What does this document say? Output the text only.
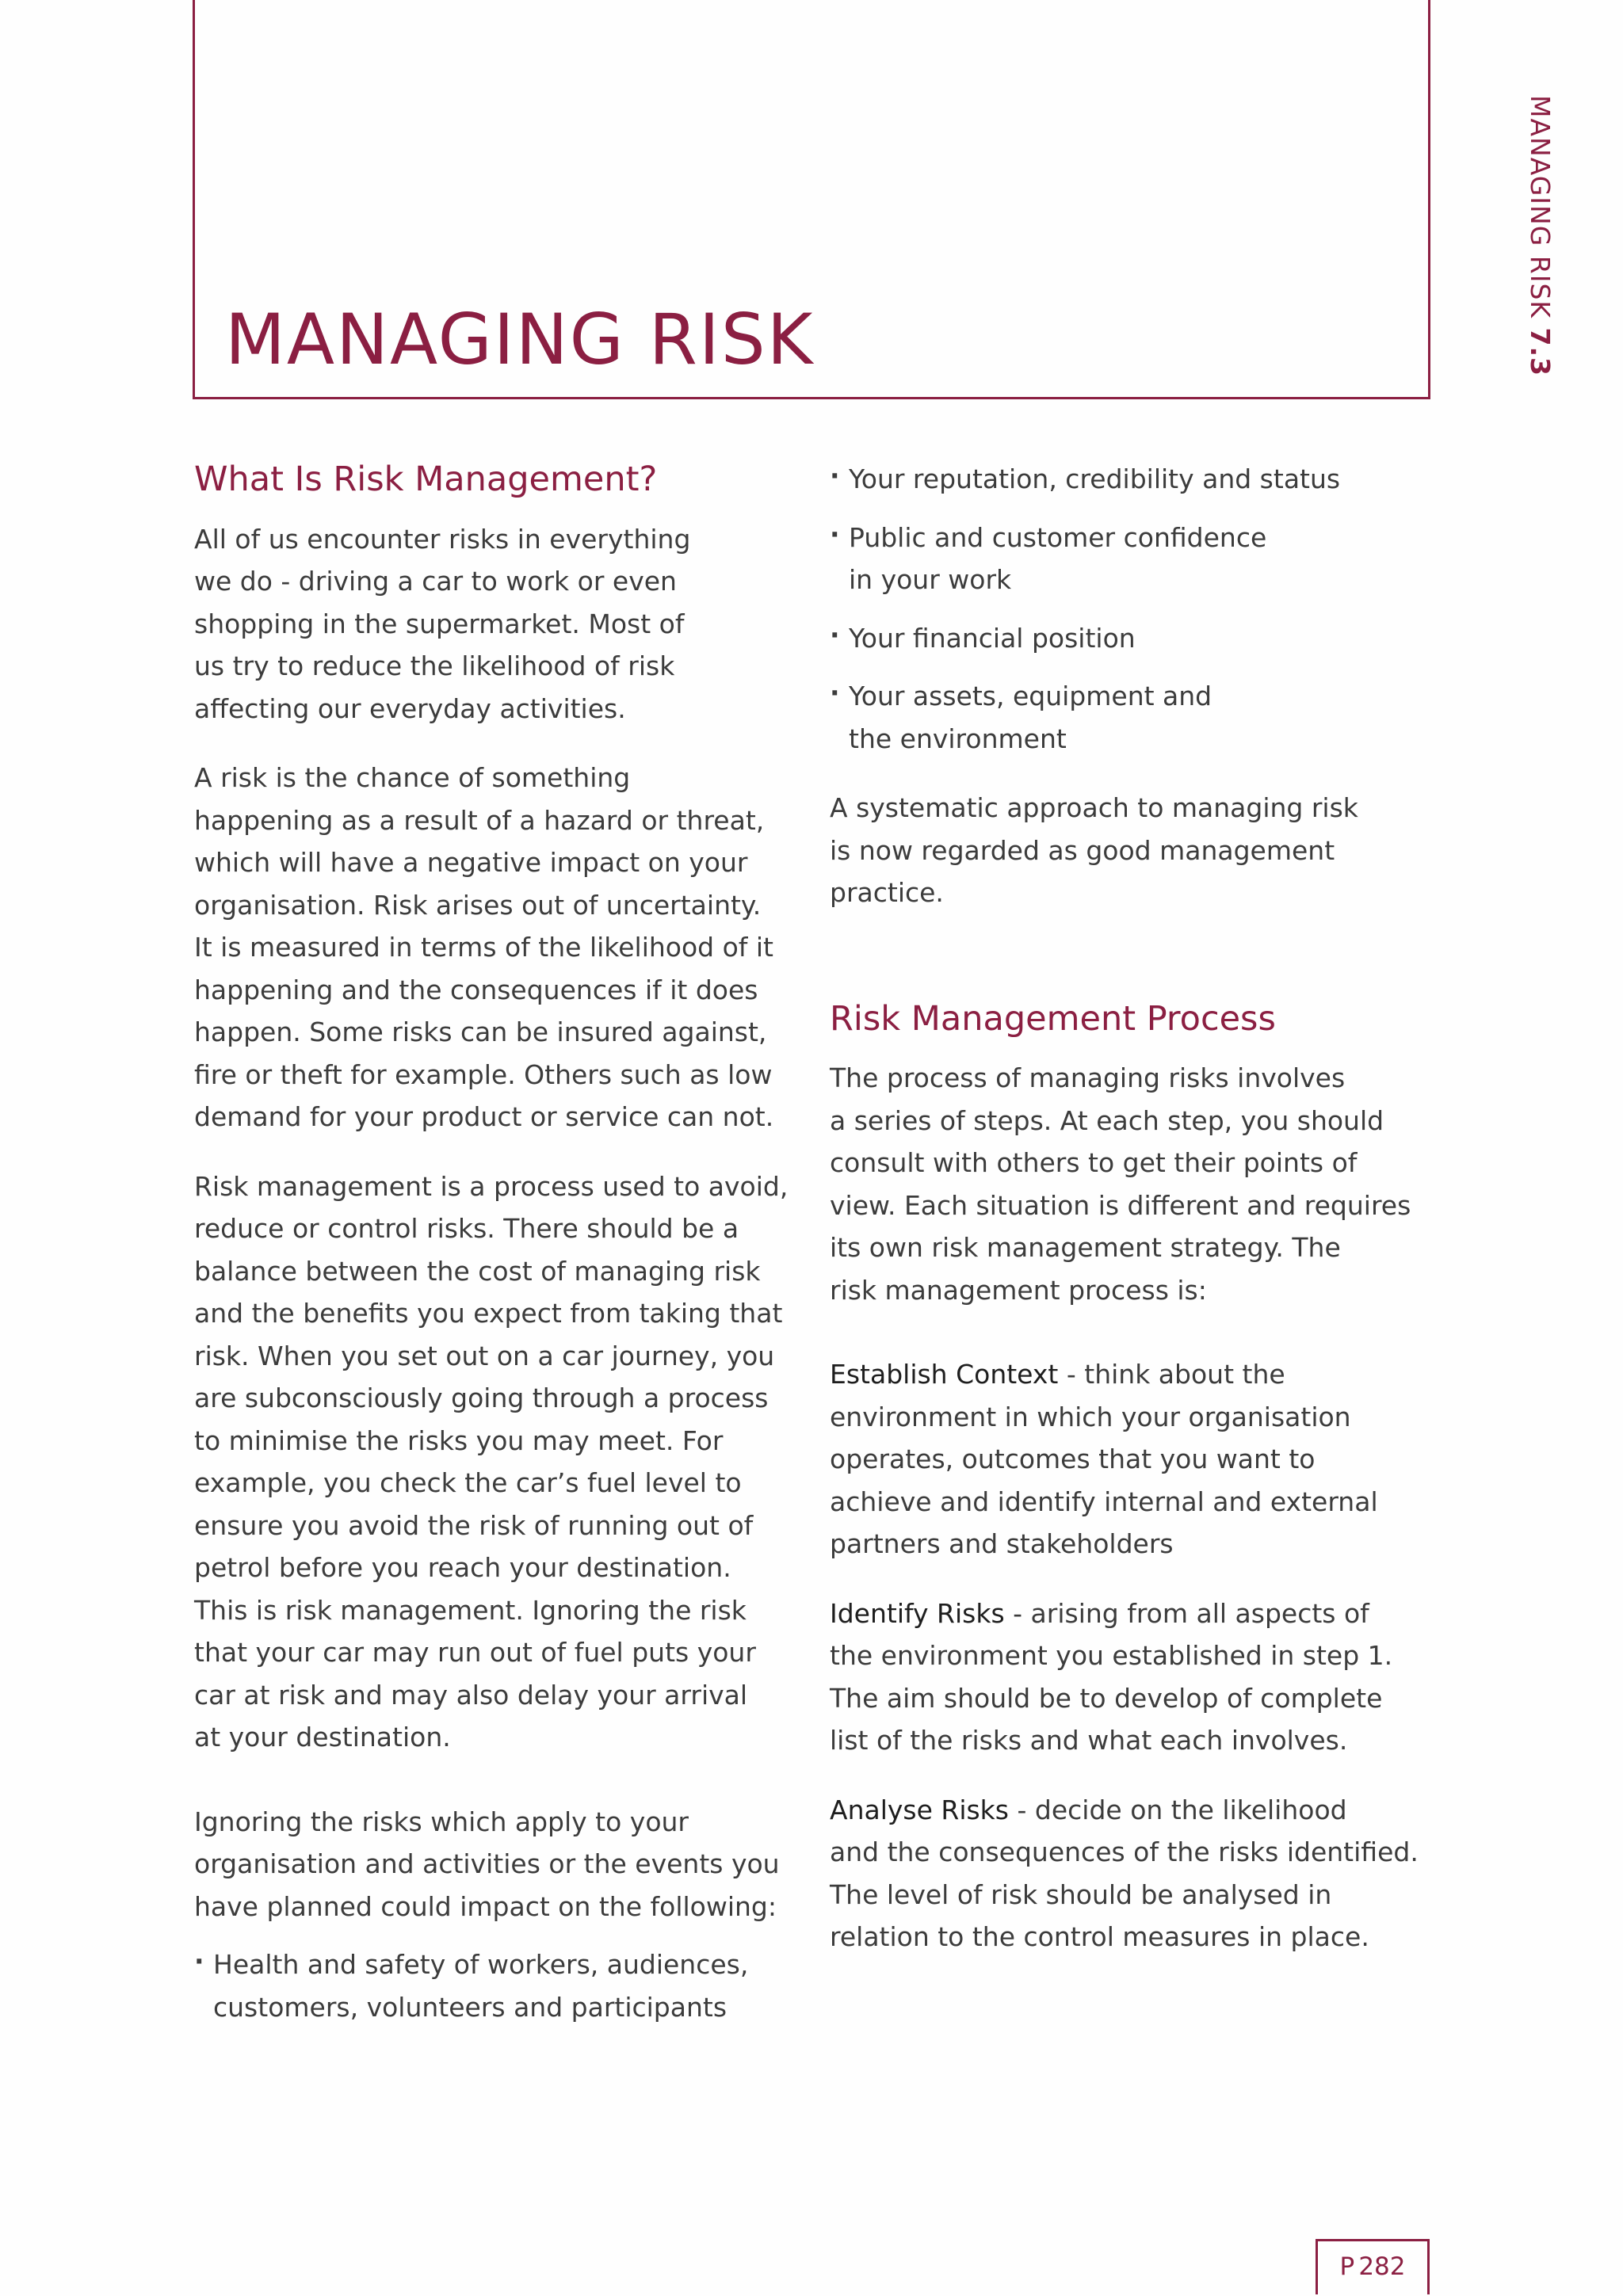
MANAGING RISK
MANAGING RISK 7.3
What Is Risk Management?

All of us encounter risks in everything
we do - driving a car to work or even
shopping in the supermarket. Most of
us try to reduce the likelihood of risk
affecting our everyday activities.

A risk is the chance of something
happening as a result of a hazard or threat,
which will have a negative impact on your
organisation. Risk arises out of uncertainty.
It is measured in terms of the likelihood of it
happening and the consequences if it does
happen. Some risks can be insured against,
fire or theft for example. Others such as low
demand for your product or service can not.

Risk management is a process used to avoid,
reduce or control risks. There should be a
balance between the cost of managing risk
and the benefits you expect from taking that
risk. When you set out on a car journey, you
are subconsciously going through a process
to minimise the risks you may meet. For
example, you check the car’s fuel level to
ensure you avoid the risk of running out of
petrol before you reach your destination.
This is risk management. Ignoring the risk
that your car may run out of fuel puts your
car at risk and may also delay your arrival
at your destination.

Ignoring the risks which apply to your
organisation and activities or the events you
have planned could impact on the following:

· Health and safety of workers, audiences,
customers, volunteers and participants
· Your reputation, credibility and status
· Public and customer confidence
in your work
· Your financial position
· Your assets, equipment and
the environment

A systematic approach to managing risk
is now regarded as good management
practice.

Risk Management Process

The process of managing risks involves
a series of steps. At each step, you should
consult with others to get their points of
view. Each situation is different and requires
its own risk management strategy. The
risk management process is:

Establish Context - think about the
environment in which your organisation
operates, outcomes that you want to
achieve and identify internal and external
partners and stakeholders

Identify Risks - arising from all aspects of
the environment you established in step 1.
The aim should be to develop of complete
list of the risks and what each involves.

Analyse Risks - decide on the likelihood
and the consequences of the risks identified.
The level of risk should be analysed in
relation to the control measures in place.

P 282
